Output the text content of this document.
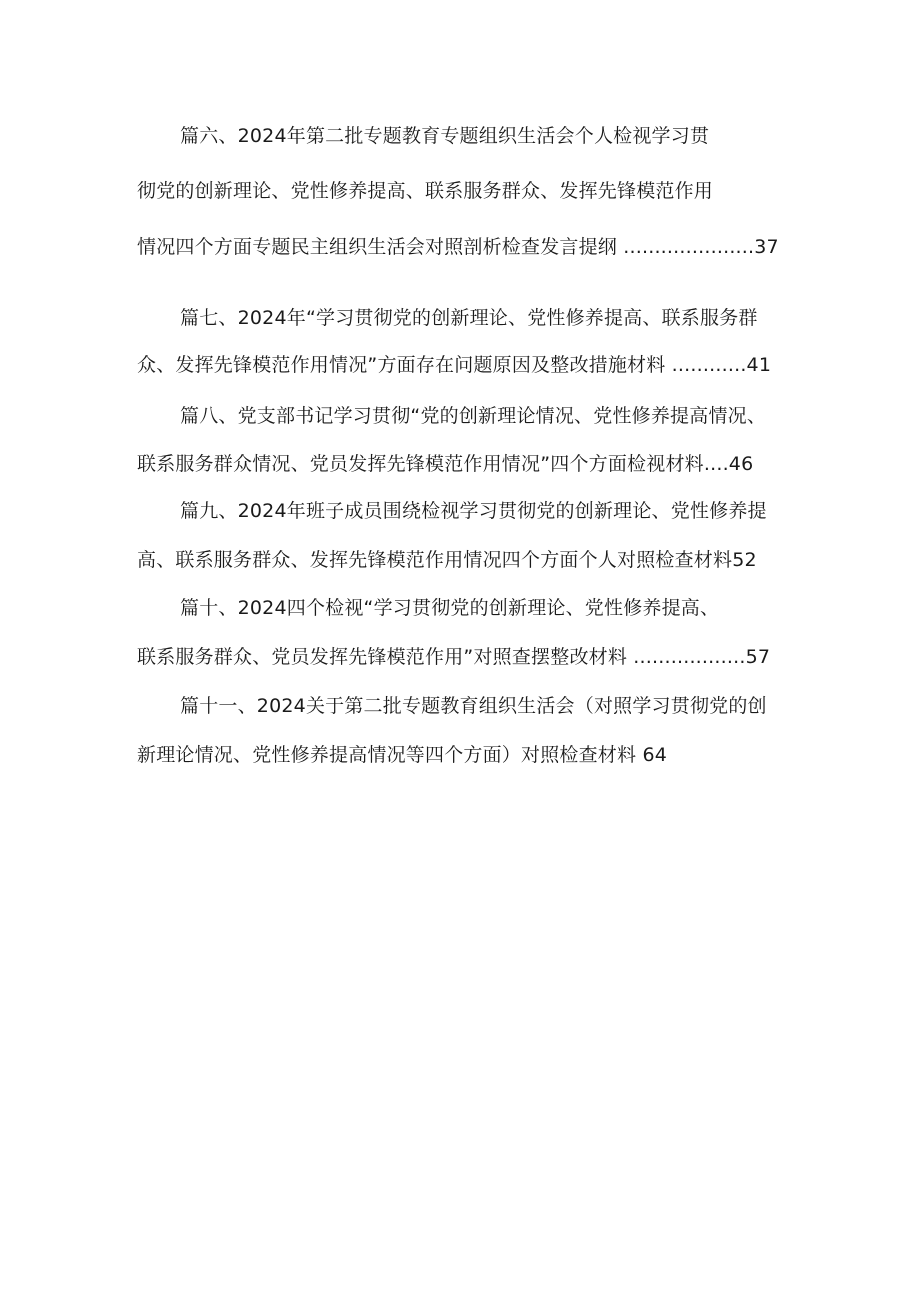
篇六、2024年第二批专题教育专题组织生活会个人检视学习贯
彻党的创新理论、党性修养提高、联系服务群众、发挥先锋模范作用
情况四个方面专题民主组织生活会对照剖析检查发言提纲 .....................37
篇七、2024年“学习贯彻党的创新理论、党性修养提高、联系服务群
众、发挥先锋模范作用情况”方面存在问题原因及整改措施材料 ............41
篇八、党支部书记学习贯彻“党的创新理论情况、党性修养提高情况、
联系服务群众情况、党员发挥先锋模范作用情况”四个方面检视材料....46
篇九、2024年班子成员围绕检视学习贯彻党的创新理论、党性修养提
高、联系服务群众、发挥先锋模范作用情况四个方面个人对照检查材料52
篇十、2024四个检视“学习贯彻党的创新理论、党性修养提高、
联系服务群众、党员发挥先锋模范作用”对照查摆整改材料 ..................57
篇十一、2024关于第二批专题教育组织生活会（对照学习贯彻党的创
新理论情况、党性修养提高情况等四个方面）对照检查材料 64
